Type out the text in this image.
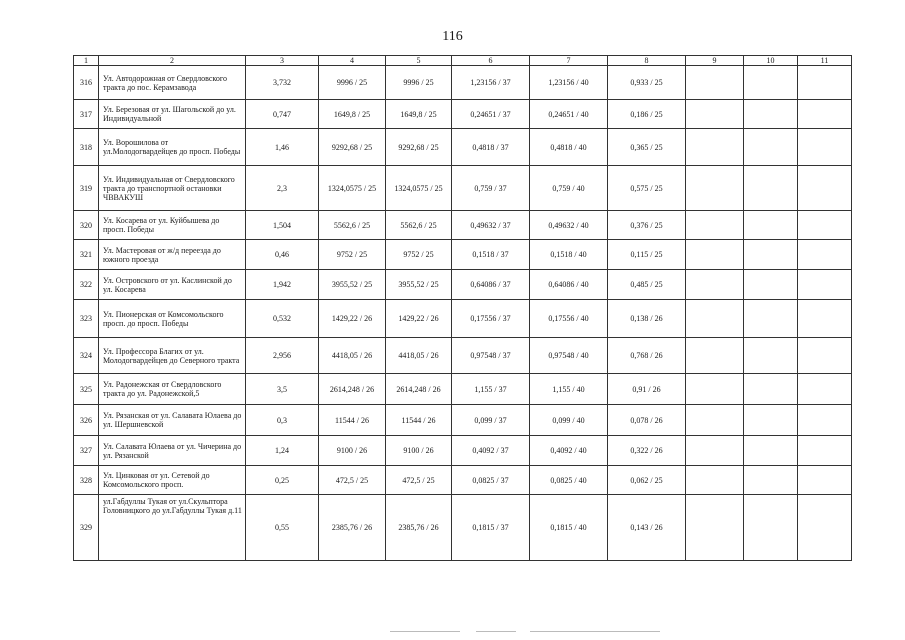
116
1	2	3	4	5	6	7	8	9	10	11
316	Ул. Автодорожная от Свердловского тракта до пос. Керамзавода	3,732	9996 / 25	9996 / 25	1,23156 / 37	1,23156 / 40	0,933 / 25			
317	Ул. Березовая от ул. Шагольской до ул. Индивидуальной	0,747	1649,8 / 25	1649,8 / 25	0,24651 / 37	0,24651 / 40	0,186 / 25			
318	Ул. Ворошилова от ул.Молодогвардейцев до просп. Победы	1,46	9292,68 / 25	9292,68 / 25	0,4818 / 37	0,4818 / 40	0,365 / 25			
319	Ул. Индивидуальная от Свердловского тракта до транспортной остановки ЧВВАКУШ	2,3	1324,0575 / 25	1324,0575 / 25	0,759 / 37	0,759 / 40	0,575 / 25			
320	Ул. Косарева от ул. Куйбышева до просп. Победы	1,504	5562,6 / 25	5562,6 / 25	0,49632 / 37	0,49632 / 40	0,376 / 25			
321	Ул. Мастеровая от ж/д переезда до южного проезда	0,46	9752 / 25	9752 / 25	0,1518 / 37	0,1518 / 40	0,115 / 25			
322	Ул. Островского от ул. Каслинской до ул. Косарева	1,942	3955,52 / 25	3955,52 / 25	0,64086 / 37	0,64086 / 40	0,485 / 25			
323	Ул. Пионерская от Комсомольского просп. до просп. Победы	0,532	1429,22 / 26	1429,22 / 26	0,17556 / 37	0,17556 / 40	0,138 / 26			
324	Ул. Профессора Благих от ул. Молодогвардейцев до Северного тракта	2,956	4418,05 / 26	4418,05 / 26	0,97548 / 37	0,97548 / 40	0,768 / 26			
325	Ул. Радонежская от Свердловского тракта до ул. Радонежской,5	3,5	2614,248 / 26	2614,248 / 26	1,155 / 37	1,155 / 40	0,91 / 26			
326	Ул. Рязанская от ул. Салавата Юлаева до ул. Шершневской	0,3	11544 / 26	11544 / 26	0,099 / 37	0,099 / 40	0,078 / 26			
327	Ул. Салавата Юлаева от ул. Чичерина до ул. Рязанской	1,24	9100 / 26	9100 / 26	0,4092 / 37	0,4092 / 40	0,322 / 26			
328	Ул. Цинковая от ул. Сетевой до Комсомольского просп.	0,25	472,5 / 25	472,5 / 25	0,0825 / 37	0,0825 / 40	0,062 / 25			
329	ул.Габдуллы Тукая от ул.Скульптора Головницкого до ул.Габдуллы Тукая д.11	0,55	2385,76 / 26	2385,76 / 26	0,1815 / 37	0,1815 / 40	0,143 / 26			
